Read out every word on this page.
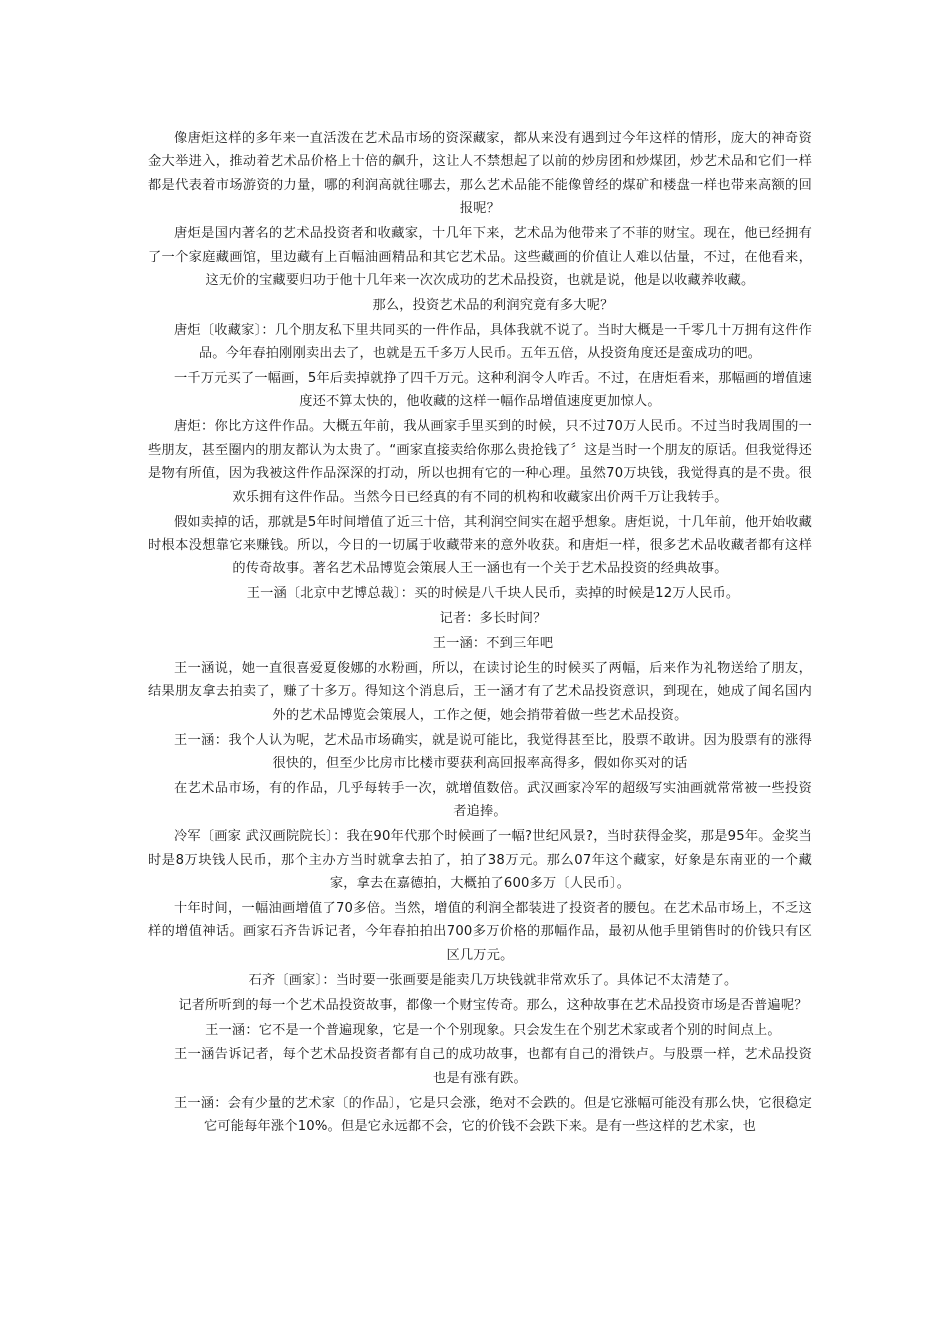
像唐炬这样的多年来一直活泼在艺术品市场的资深藏家，都从来没有遇到过今年这样的情形，庞大的神奇资金大举进入，推动着艺术品价格上十倍的飙升，这让人不禁想起了以前的炒房团和炒煤团，炒艺术品和它们一样都是代表着市场游资的力量，哪的利润高就往哪去，那么艺术品能不能像曾经的煤矿和楼盘一样也带来高额的回报呢？

唐炬是国内著名的艺术品投资者和收藏家，十几年下来，艺术品为他带来了不菲的财宝。现在，他已经拥有了一个家庭藏画馆，里边藏有上百幅油画精品和其它艺术品。这些藏画的价值让人难以估量，不过，在他看来，这无价的宝藏要归功于他十几年来一次次成功的艺术品投资，也就是说，他是以收藏养收藏。

那么，投资艺术品的利润究竟有多大呢？

唐炬〔收藏家〕：几个朋友私下里共同买的一件作品，具体我就不说了。当时大概是一千零几十万拥有这件作品。今年春拍刚刚卖出去了，也就是五千多万人民币。五年五倍，从投资角度还是蛮成功的吧。

一千万元买了一幅画，5年后卖掉就挣了四千万元。这种利润令人咋舌。不过，在唐炬看来，那幅画的增值速度还不算太快的，他收藏的这样一幅作品增值速度更加惊人。

唐炬：你比方这件作品。大概五年前，我从画家手里买到的时候，只不过70万人民币。不过当时我周围的一些朋友，甚至圈内的朋友都认为太贵了。“画家直接卖给你那么贵抢钱了〞这是当时一个朋友的原话。但我觉得还是物有所值，因为我被这件作品深深的打动，所以也拥有它的一种心理。虽然70万块钱，我觉得真的是不贵。很欢乐拥有这件作品。当然今日已经真的有不同的机构和收藏家出价两千万让我转手。

假如卖掉的话，那就是5年时间增值了近三十倍，其利润空间实在超乎想象。唐炬说，十几年前，他开始收藏时根本没想靠它来赚钱。所以，今日的一切属于收藏带来的意外收获。和唐炬一样，很多艺术品收藏者都有这样的传奇故事。著名艺术品博览会策展人王一涵也有一个关于艺术品投资的经典故事。

王一涵〔北京中艺博总裁〕：买的时候是八千块人民币，卖掉的时候是12万人民币。

记者：多长时间？

王一涵：不到三年吧

王一涵说，她一直很喜爱夏俊娜的水粉画，所以，在读讨论生的时候买了两幅，后来作为礼物送给了朋友，结果朋友拿去拍卖了，赚了十多万。得知这个消息后，王一涵才有了艺术品投资意识，到现在，她成了闻名国内外的艺术品博览会策展人，工作之便，她会捎带着做一些艺术品投资。

王一涵：我个人认为呢，艺术品市场确实，就是说可能比，我觉得甚至比，股票不敢讲。因为股票有的涨得很快的，但至少比房市比楼市要获利高回报率高得多，假如你买对的话

在艺术品市场，有的作品，几乎每转手一次，就增值数倍。武汉画家冷军的超级写实油画就常常被一些投资者追捧。

冷军〔画家 武汉画院院长〕：我在90年代那个时候画了一幅?世纪风景?，当时获得金奖，那是95年。金奖当时是8万块钱人民币，那个主办方当时就拿去拍了，拍了38万元。那么07年这个藏家，好象是东南亚的一个藏家，拿去在嘉德拍，大概拍了600多万〔人民币〕。

十年时间，一幅油画增值了70多倍。当然，增值的利润全都装进了投资者的腰包。在艺术品市场上，不乏这样的增值神话。画家石齐告诉记者，今年春拍拍出700多万价格的那幅作品，最初从他手里销售时的价钱只有区区几万元。

石齐〔画家〕：当时要一张画要是能卖几万块钱就非常欢乐了。具体记不太清楚了。

记者所听到的每一个艺术品投资故事，都像一个财宝传奇。那么，这种故事在艺术品投资市场是否普遍呢？

王一涵：它不是一个普遍现象，它是一个个别现象。只会发生在个别艺术家或者个别的时间点上。

王一涵告诉记者，每个艺术品投资者都有自己的成功故事，也都有自己的滑铁卢。与股票一样，艺术品投资也是有涨有跌。

王一涵：会有少量的艺术家〔的作品〕，它是只会涨，绝对不会跌的。但是它涨幅可能没有那么快，它很稳定它可能每年涨个10%。但是它永远都不会，它的价钱不会跌下来。是有一些这样的艺术家，也
